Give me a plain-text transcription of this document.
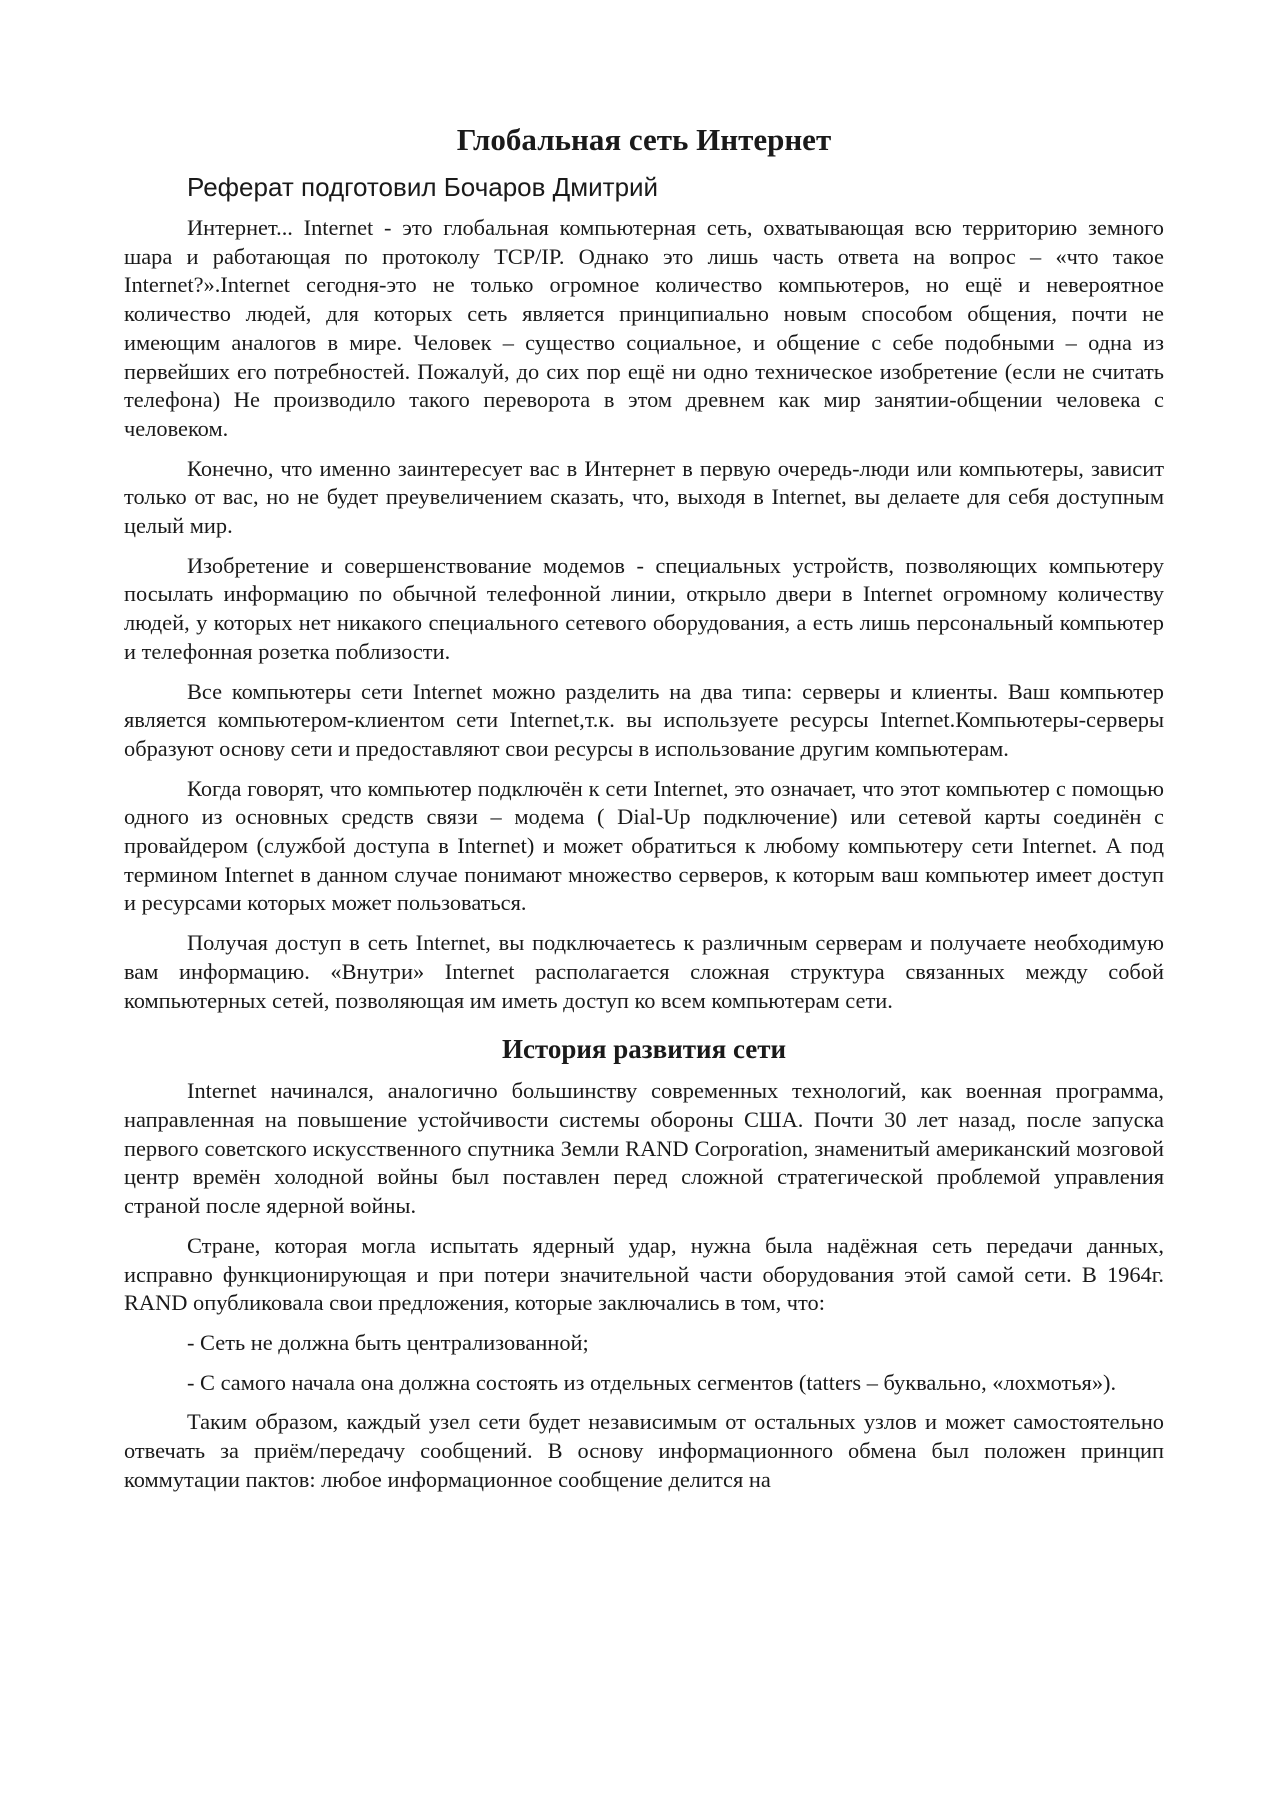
Глобальная сеть Интернет

Реферат подготовил Бочаров Дмитрий

Интернет... Internet - это глобальная компьютерная сеть, охватывающая всю территорию земного шара и работающая по протоколу TCP/IP. Однако это лишь часть ответа на вопрос – «что такое Internet?».Internet сегодня-это не только огромное количество компьютеров, но ещё и невероятное количество людей, для которых сеть является принципиально новым способом общения, почти не имеющим аналогов в мире. Человек – существо социальное, и общение с себе подобными – одна из первейших его потребностей. Пожалуй, до сих пор ещё ни одно техническое изобретение (если не считать телефона) Не производило такого переворота в этом древнем как мир занятии-общении человека с человеком.

Конечно, что именно заинтересует вас в Интернет в первую очередь-люди или компьютеры, зависит только от вас, но не будет преувеличением сказать, что, выходя в Internet, вы делаете для себя доступным целый мир.

Изобретение и совершенствование модемов - специальных устройств, позволяющих компьютеру посылать информацию по обычной телефонной линии, открыло двери в Internet огромному количеству людей, у которых нет никакого специального сетевого оборудования, а есть лишь персональный компьютер и телефонная розетка поблизости.

Все компьютеры сети Internet можно разделить на два типа: серверы и клиенты. Ваш компьютер является компьютером-клиентом сети Internet,т.к. вы используете ресурсы Internet.Компьютеры-серверы образуют основу сети и предоставляют свои ресурсы в использование другим компьютерам.

Когда говорят, что компьютер подключён к сети Internet, это означает, что этот компьютер с помощью одного из основных средств связи – модема ( Dial-Up подключение) или сетевой карты соединён с провайдером (службой доступа в Internet) и может обратиться к любому компьютеру сети Internet. А под термином Internet в данном случае понимают множество серверов, к которым ваш компьютер имеет доступ и ресурсами которых может пользоваться.

Получая доступ в сеть Internet, вы подключаетесь к различным серверам и получаете необходимую вам информацию. «Внутри» Internet располагается сложная структура связанных между собой компьютерных сетей, позволяющая им иметь доступ ко всем компьютерам сети.

История развития сети

Internet начинался, аналогично большинству современных технологий, как военная программа, направленная на повышение устойчивости системы обороны США. Почти 30 лет назад, после запуска первого советского искусственного спутника Земли RAND Corporation, знаменитый американский мозговой центр времён холодной войны был поставлен перед сложной стратегической проблемой управления страной после ядерной войны.

Стране, которая могла испытать ядерный удар, нужна была надёжная сеть передачи данных, исправно функционирующая и при потери значительной части оборудования этой самой сети. В 1964г. RAND опубликовала свои предложения, которые заключались в том, что:

- Сеть не должна быть централизованной;

- С самого начала она должна состоять из отдельных сегментов (tatters – буквально, «лохмотья»).

Таким образом, каждый узел сети будет независимым от остальных узлов и может самостоятельно отвечать за приём/передачу сообщений. В основу информационного обмена был положен принцип коммутации пактов: любое информационное сообщение делится на
